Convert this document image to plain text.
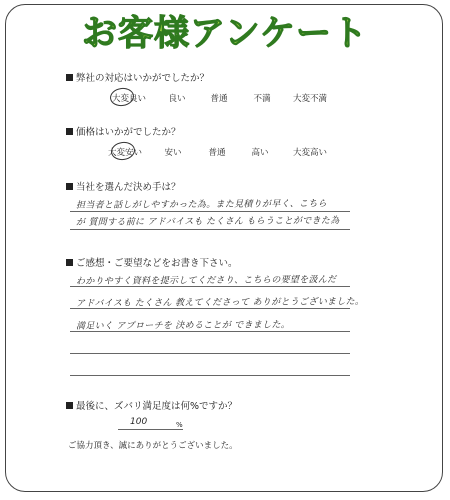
お客様アンケート
弊社の対応はいかがでしたか？
大変良い	良い	普通	不満	大変不満
価格はいかがでしたか？
大変安い	安い	普通	高い	大変高い
当社を選んだ決め手は？
担当者と話しがしやすかった為。また見積りが早く、こちら
が 質問する前に アドバイスも たくさん もらうことができた為
ご感想・ご要望などをお書き下さい。
わかりやすく資料を提示してくださり、こちらの要望を汲んだ
アドバイスも たくさん 教えてくださって ありがとうございました。
満足いく アプローチを 決めることが できました。
最後に、ズバリ満足度は何%ですか？
100	%
ご協力頂き、誠にありがとうございました。
